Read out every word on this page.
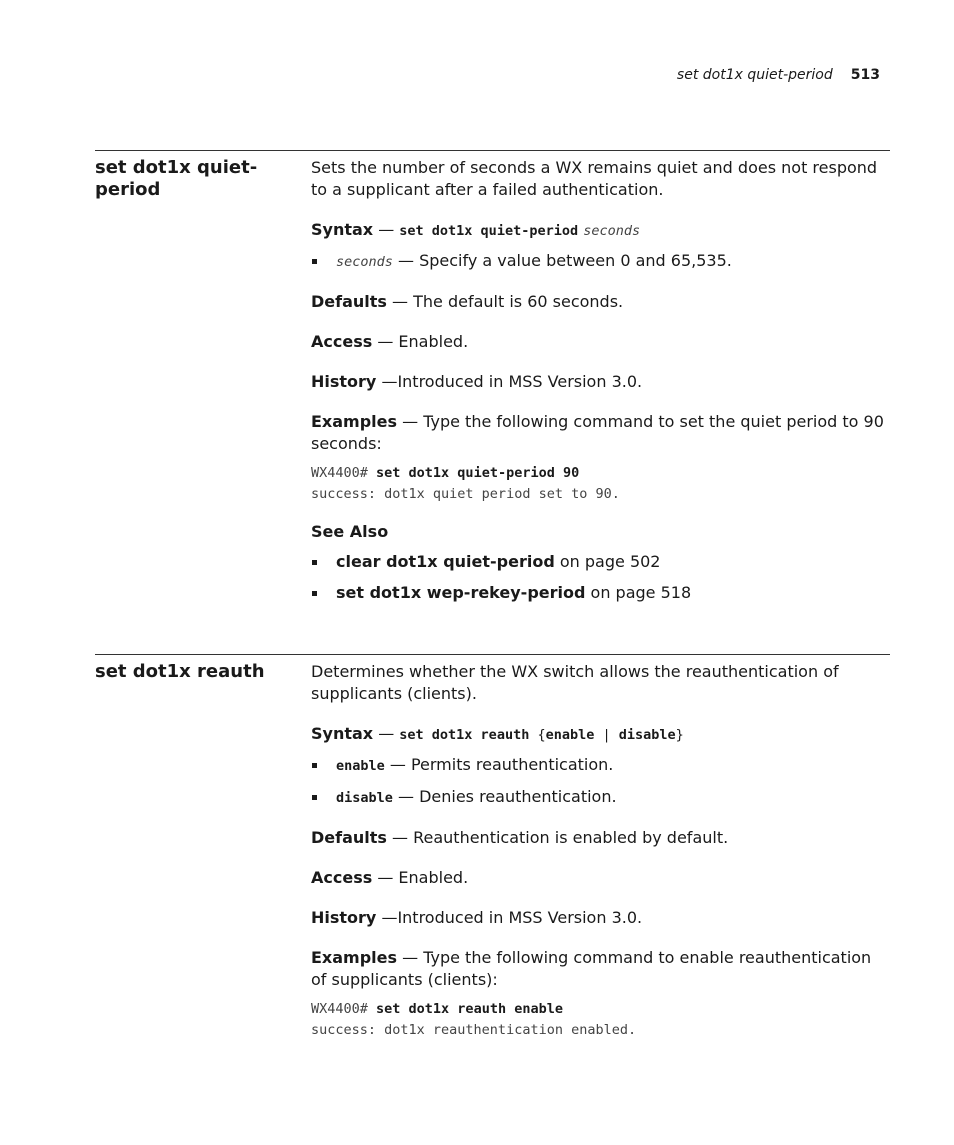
set dot1x quiet-period 513
set dot1x quiet-period

Sets the number of seconds a WX remains quiet and does not respond to a supplicant after a failed authentication.

Syntax — set dot1x quiet-period seconds

seconds — Specify a value between 0 and 65,535.

Defaults — The default is 60 seconds.

Access — Enabled.

History —Introduced in MSS Version 3.0.

Examples — Type the following command to set the quiet period to 90 seconds:

WX4400# set dot1x quiet-period 90
success: dot1x quiet period set to 90.

See Also

clear dot1x quiet-period on page 502
set dot1x wep-rekey-period on page 518
set dot1x reauth	Determines whether the WX switch allows the reauthentication of supplicants (clients).

Syntax — set dot1x reauth {enable | disable}

enable — Permits reauthentication.
disable — Denies reauthentication.

Defaults — Reauthentication is enabled by default.

Access — Enabled.

History —Introduced in MSS Version 3.0.

Examples — Type the following command to enable reauthentication of supplicants (clients):

WX4400# set dot1x reauth enable
success: dot1x reauthentication enabled.
